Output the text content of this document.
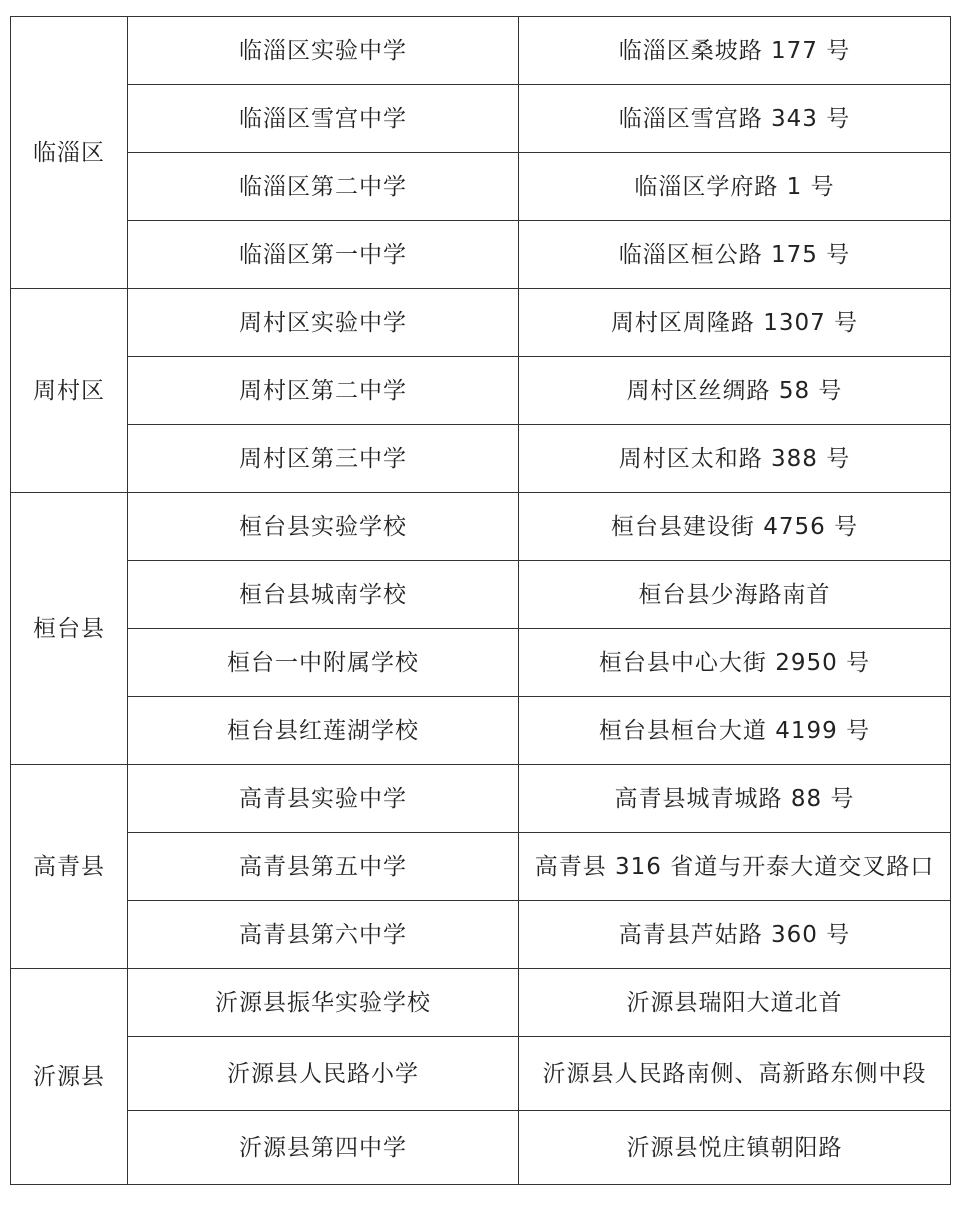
临淄区	临淄区实验中学	临淄区桑坡路 177 号
	临淄区雪宫中学	临淄区雪宫路 343 号
	临淄区第二中学	临淄区学府路 1 号
	临淄区第一中学	临淄区桓公路 175 号
周村区	周村区实验中学	周村区周隆路 1307 号
	周村区第二中学	周村区丝绸路 58 号
	周村区第三中学	周村区太和路 388 号
桓台县	桓台县实验学校	桓台县建设街 4756 号
	桓台县城南学校	桓台县少海路南首
	桓台一中附属学校	桓台县中心大街 2950 号
	桓台县红莲湖学校	桓台县桓台大道 4199 号
高青县	高青县实验中学	高青县城青城路 88 号
	高青县第五中学	高青县 316 省道与开泰大道交叉路口
	高青县第六中学	高青县芦姑路 360 号
沂源县	沂源县振华实验学校	沂源县瑞阳大道北首
	沂源县人民路小学	沂源县人民路南侧、高新路东侧中段
	沂源县第四中学	沂源县悦庄镇朝阳路
